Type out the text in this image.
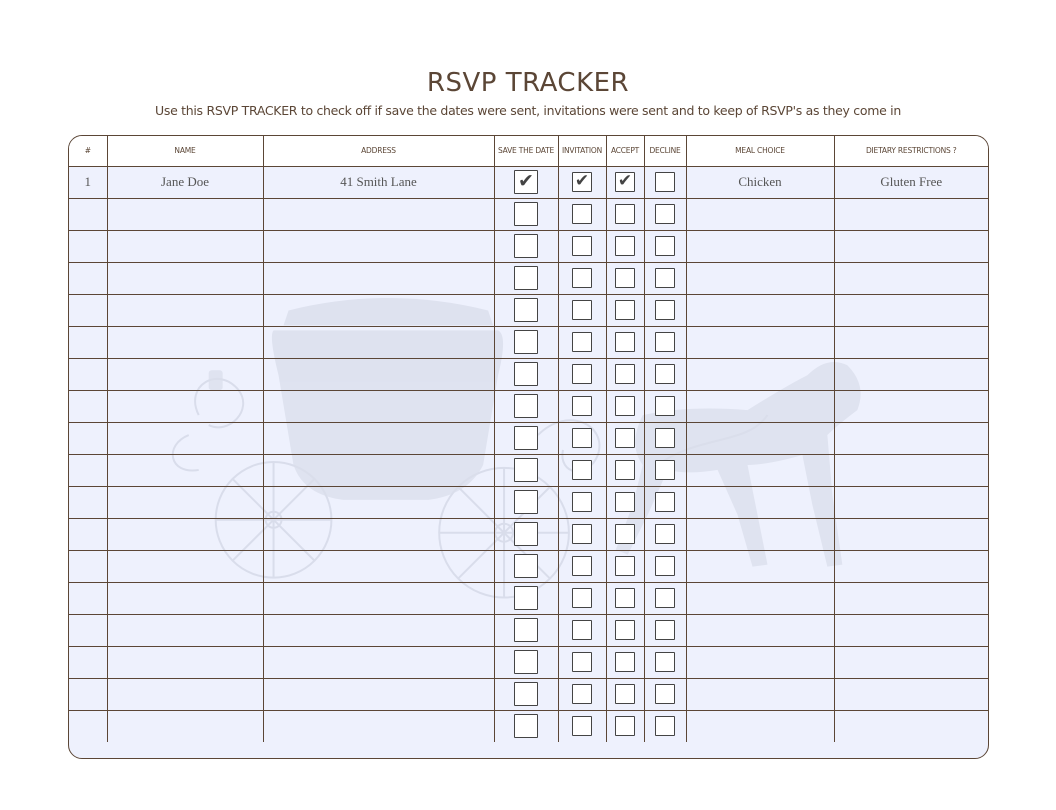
RSVP TRACKER
Use this RSVP TRACKER to check off if save the dates were sent, invitations were sent and to keep of RSVP's as they come in
#	NAME	ADDRESS	SAVE THE DATE	INVITATION	ACCEPT	DECLINE	MEAL CHOICE	DIETARY RESTRICTIONS ?
1	Jane Doe	41 Smith Lane	✔	✔	✔		Chicken	Gluten Free
